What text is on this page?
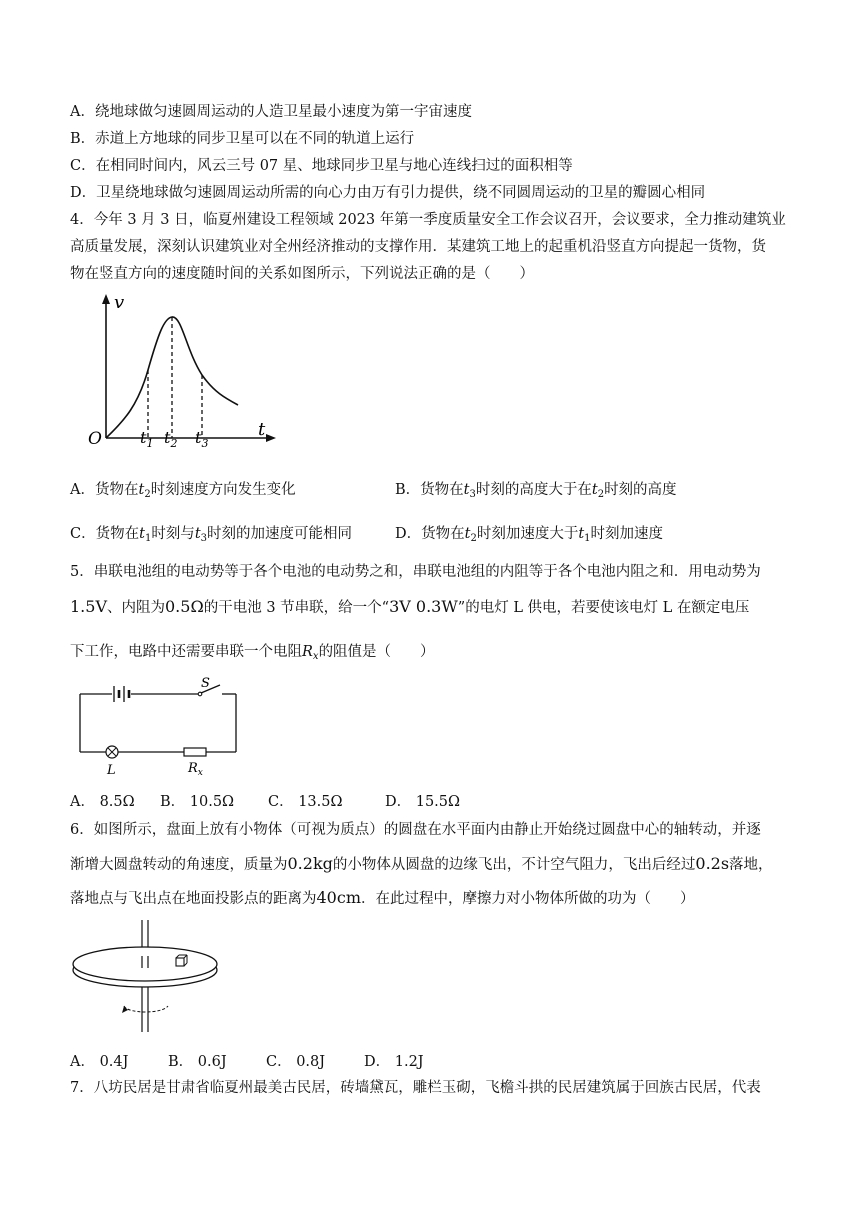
A．绕地球做匀速圆周运动的人造卫星最小速度为第一宇宙速度
B．赤道上方地球的同步卫星可以在不同的轨道上运行
C．在相同时间内，风云三号 07 星、地球同步卫星与地心连线扫过的面积相等
D．卫星绕地球做匀速圆周运动所需的向心力由万有引力提供，绕不同圆周运动的卫星的瓣圆心相同
4．今年 3 月 3 日，临夏州建设工程领域 2023 年第一季度质量安全工作会议召开，会议要求，全力推动建筑业
高质量发展，深刻认识建筑业对全州经济推动的支撑作用．某建筑工地上的起重机沿竖直方向提起一货物，货
物在竖直方向的速度随时间的关系如图所示，下列说法正确的是（　　）
v
O	t
$t_1$ $t_2$ $t_3$
A．货物在$t_2$时刻速度方向发生变化	B．货物在$t_3$时刻的高度大于在$t_2$时刻的高度
C．货物在$t_1$时刻与$t_3$时刻的加速度可能相同	D．货物在$t_2$时刻加速度大于$t_1$时刻加速度
5．串联电池组的电动势等于各个电池的电动势之和，串联电池组的内阻等于各个电池内阻之和．用电动势为
1.5V、内阻为0.5Ω的干电池 3 节串联，给一个“3V 0.3W”的电灯 L 供电，若要使该电灯 L 在额定电压
下工作，电路中还需要串联一个电阻$R_x$的阻值是（　　）
S
L	$R_x$
A． 8.5Ω B． 10.5Ω C． 13.5Ω	D． 15.5Ω
6．如图所示，盘面上放有小物体（可视为质点）的圆盘在水平面内由静止开始绕过圆盘中心的轴转动，并逐
渐增大圆盘转动的角速度，质量为0.2kg的小物体从圆盘的边缘飞出，不计空气阻力，飞出后经过0.2s落地，
落地点与飞出点在地面投影点的距离为40cm．在此过程中，摩擦力对小物体所做的功为（　　）
A． 0.4J	B． 0.6J	C． 0.8J	D． 1.2J
7．八坊民居是甘肃省临夏州最美古民居，砖墙黛瓦，雕栏玉砌，飞檐斗拱的民居建筑属于回族古民居，代表
